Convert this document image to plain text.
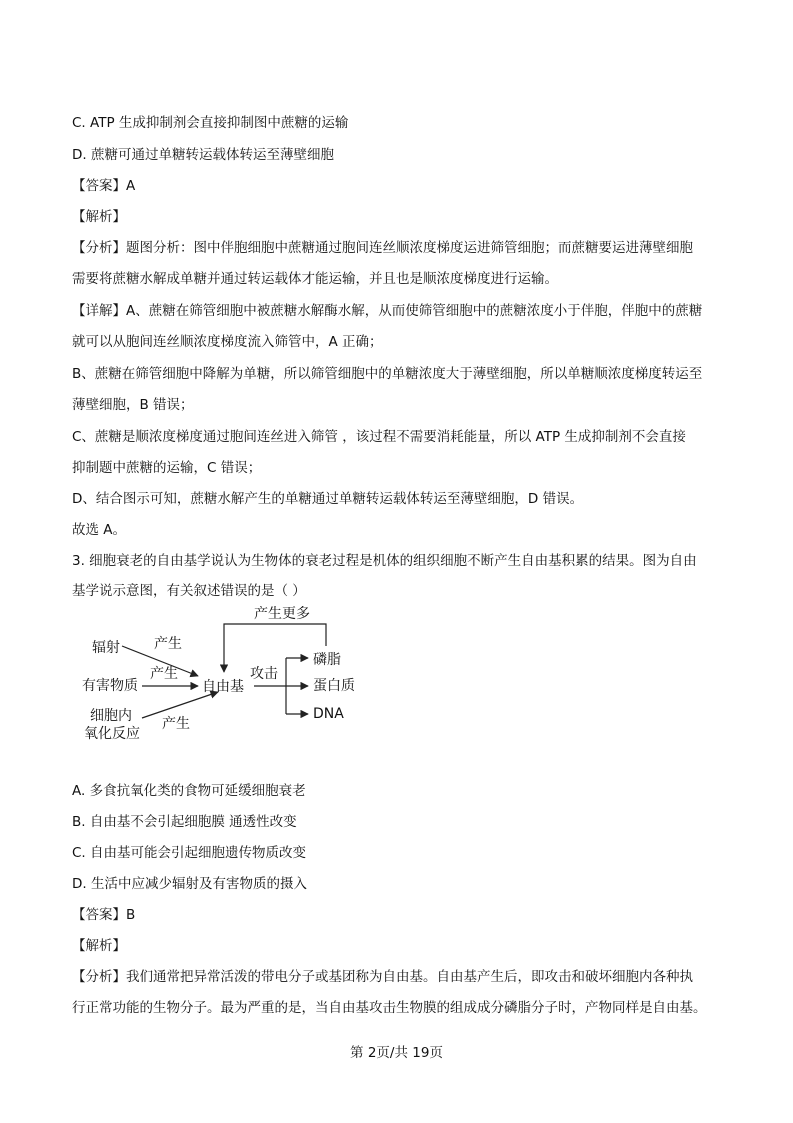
C. ATP 生成抑制剂会直接抑制图中蔗糖的运输
D. 蔗糖可通过单糖转运载体转运至薄壁细胞
【答案】A
【解析】
【分析】题图分析：图中伴胞细胞中蔗糖通过胞间连丝顺浓度梯度运进筛管细胞；而蔗糖要运进薄壁细胞
需要将蔗糖水解成单糖并通过转运载体才能运输，并且也是顺浓度梯度进行运输。
【详解】A、蔗糖在筛管细胞中被蔗糖水解酶水解，从而使筛管细胞中的蔗糖浓度小于伴胞，伴胞中的蔗糖
就可以从胞间连丝顺浓度梯度流入筛管中，A 正确；
B、蔗糖在筛管细胞中降解为单糖，所以筛管细胞中的单糖浓度大于薄壁细胞，所以单糖顺浓度梯度转运至
薄壁细胞，B 错误；
C、蔗糖是顺浓度梯度通过胞间连丝进入筛管 ，该过程不需要消耗能量，所以 ATP 生成抑制剂不会直接
抑制题中蔗糖的运输，C 错误；
D、结合图示可知，蔗糖水解产生的单糖通过单糖转运载体转运至薄壁细胞，D 错误。
故选 A。
3. 细胞衰老的自由基学说认为生物体的衰老过程是机体的组织细胞不断产生自由基积累的结果。图为自由
基学说示意图，有关叙述错误的是（ ）
辐射
有害物质
细胞内
氧化反应
产生
产生
产生
自由基
攻击
产生更多
磷脂
蛋白质
DNA
A. 多食抗氧化类的食物可延缓细胞衰老
B. 自由基不会引起细胞膜 通透性改变
C. 自由基可能会引起细胞遗传物质改变
D. 生活中应减少辐射及有害物质的摄入
【答案】B
【解析】
【分析】我们通常把异常活泼的带电分子或基团称为自由基。自由基产生后，即攻击和破坏细胞内各种执
行正常功能的生物分子。最为严重的是，当自由基攻击生物膜的组成成分磷脂分子时，产物同样是自由基。
第 2页/共 19页
